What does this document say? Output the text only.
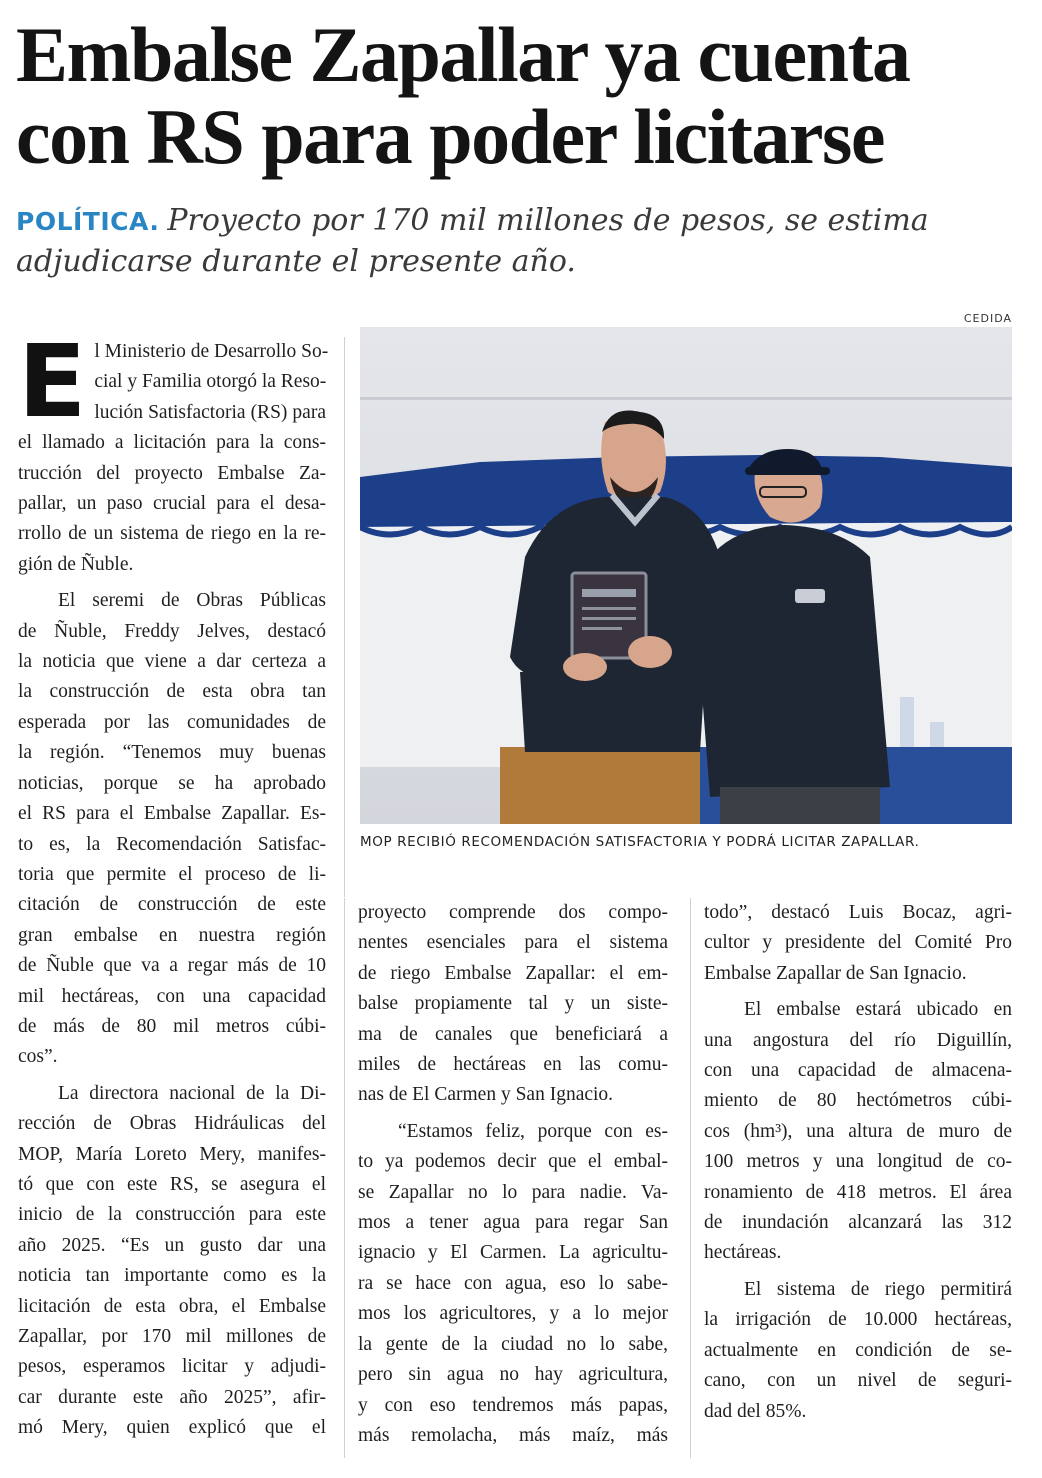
Embalse Zapallar ya cuenta
con RS para poder licitarse

POLÍTICA. Proyecto por 170 mil millones de pesos, se estima adjudicarse durante el presente año.

CEDIDA
MOP RECIBIÓ RECOMENDACIÓN SATISFACTORIA Y PODRÁ LICITAR ZAPALLAR.

E l Ministerio de Desarrollo So-
cial y Familia otorgó la Reso-
lución Satisfactoria (RS) para
el llamado a licitación para la cons-
trucción del proyecto Embalse Za-
pallar, un paso crucial para el desa-
rrollo de un sistema de riego en la re-
gión de Ñuble.

El seremi de Obras Públicas
de Ñuble, Freddy Jelves, destacó
la noticia que viene a dar certeza a
la construcción de esta obra tan
esperada por las comunidades de
la región. “Tenemos muy buenas
noticias, porque se ha aprobado
el RS para el Embalse Zapallar. Es-
to es, la Recomendación Satisfac-
toria que permite el proceso de li-
citación de construcción de este
gran embalse en nuestra región
de Ñuble que va a regar más de 10
mil hectáreas, con una capacidad
de más de 80 mil metros cúbi-
cos”.

La directora nacional de la Di-
rección de Obras Hidráulicas del
MOP, María Loreto Mery, manifes-
tó que con este RS, se asegura el
inicio de la construcción para este
año 2025. “Es un gusto dar una
noticia tan importante como es la
licitación de esta obra, el Embalse
Zapallar, por 170 mil millones de
pesos, esperamos licitar y adjudi-
car durante este año 2025”, afir-
mó Mery, quien explicó que el

proyecto comprende dos compo-
nentes esenciales para el sistema
de riego Embalse Zapallar: el em-
balse propiamente tal y un siste-
ma de canales que beneficiará a
miles de hectáreas en las comu-
nas de El Carmen y San Ignacio.

“Estamos feliz, porque con es-
to ya podemos decir que el embal-
se Zapallar no lo para nadie. Va-
mos a tener agua para regar San
ignacio y El Carmen. La agricultu-
ra se hace con agua, eso lo sabe-
mos los agricultores, y a lo mejor
la gente de la ciudad no lo sabe,
pero sin agua no hay agricultura,
y con eso tendremos más papas,
más remolacha, más maíz, más

todo”, destacó Luis Bocaz, agri-
cultor y presidente del Comité Pro
Embalse Zapallar de San Ignacio.

El embalse estará ubicado en
una angostura del río Diguillín,
con una capacidad de almacena-
miento de 80 hectómetros cúbi-
cos (hm³), una altura de muro de
100 metros y una longitud de co-
ronamiento de 418 metros. El área
de inundación alcanzará las 312
hectáreas.

El sistema de riego permitirá
la irrigación de 10.000 hectáreas,
actualmente en condición de se-
cano, con un nivel de seguri-
dad del 85%.
